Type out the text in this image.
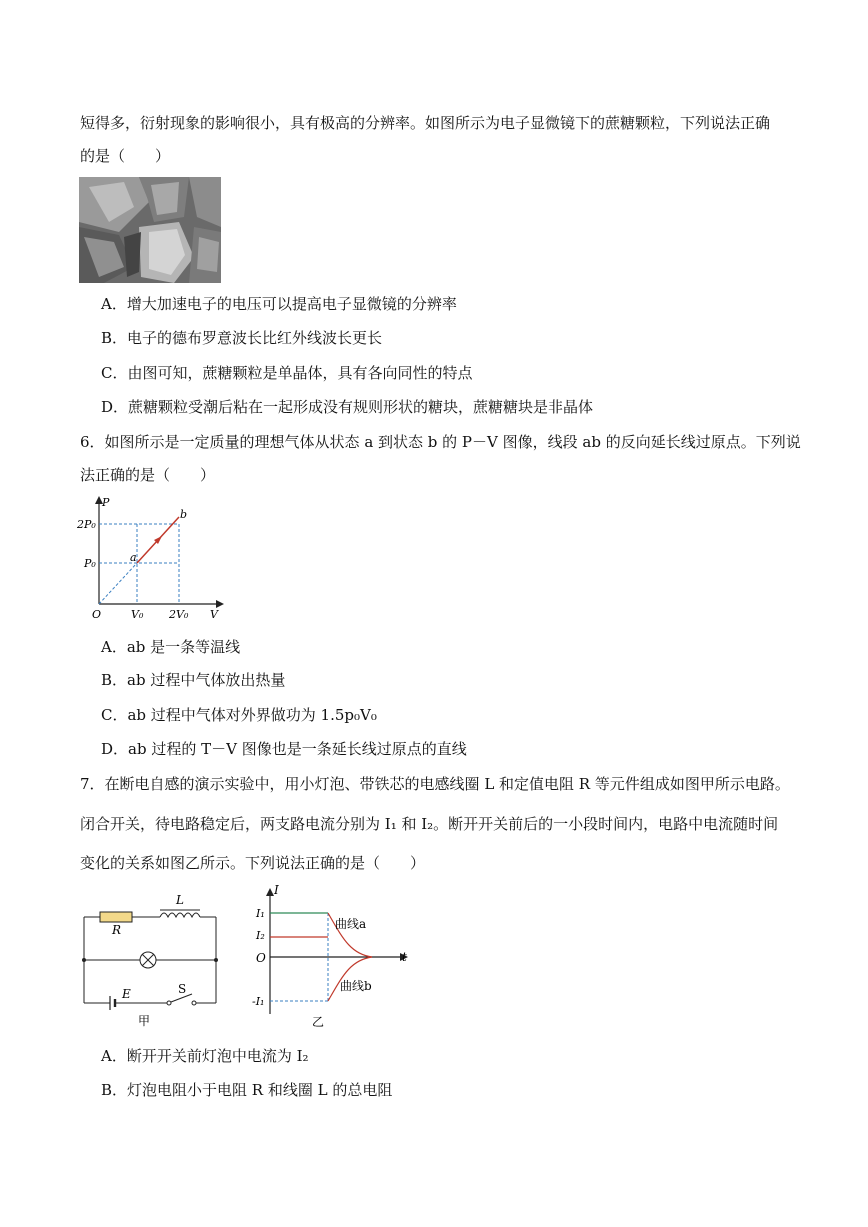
短得多，衍射现象的影响很小，具有极高的分辨率。如图所示为电子显微镜下的蔗糖颗粒，下列说法正确
的是（　　）
A．增大加速电子的电压可以提高电子显微镜的分辨率
B．电子的德布罗意波长比红外线波长更长
C．由图可知，蔗糖颗粒是单晶体，具有各向同性的特点
D．蔗糖颗粒受潮后粘在一起形成没有规则形状的糖块，蔗糖糖块是非晶体
6．如图所示是一定质量的理想气体从状态 a 到状态 b 的 P－V 图像，线段 ab 的反向延长线过原点。下列说
法正确的是（　　）
P
V
O
2P₀
P₀
V₀ 2V₀
a
b
A．ab 是一条等温线
B．ab 过程中气体放出热量
C．ab 过程中气体对外界做功为 1.5p₀V₀
D．ab 过程的 T－V 图像也是一条延长线过原点的直线
7．在断电自感的演示实验中，用小灯泡、带铁芯的电感线圈 L 和定值电阻 R 等元件组成如图甲所示电路。
闭合开关，待电路稳定后，两支路电流分别为 I₁ 和 I₂。断开开关前后的一小段时间内，电路中电流随时间
变化的关系如图乙所示。下列说法正确的是（　　）
L
R
E	S
甲
I
t
O
I₁
I₂
-I₁
曲线a
曲线b
乙
A．断开开关前灯泡中电流为 I₂
B．灯泡电阻小于电阻 R 和线圈 L 的总电阻
